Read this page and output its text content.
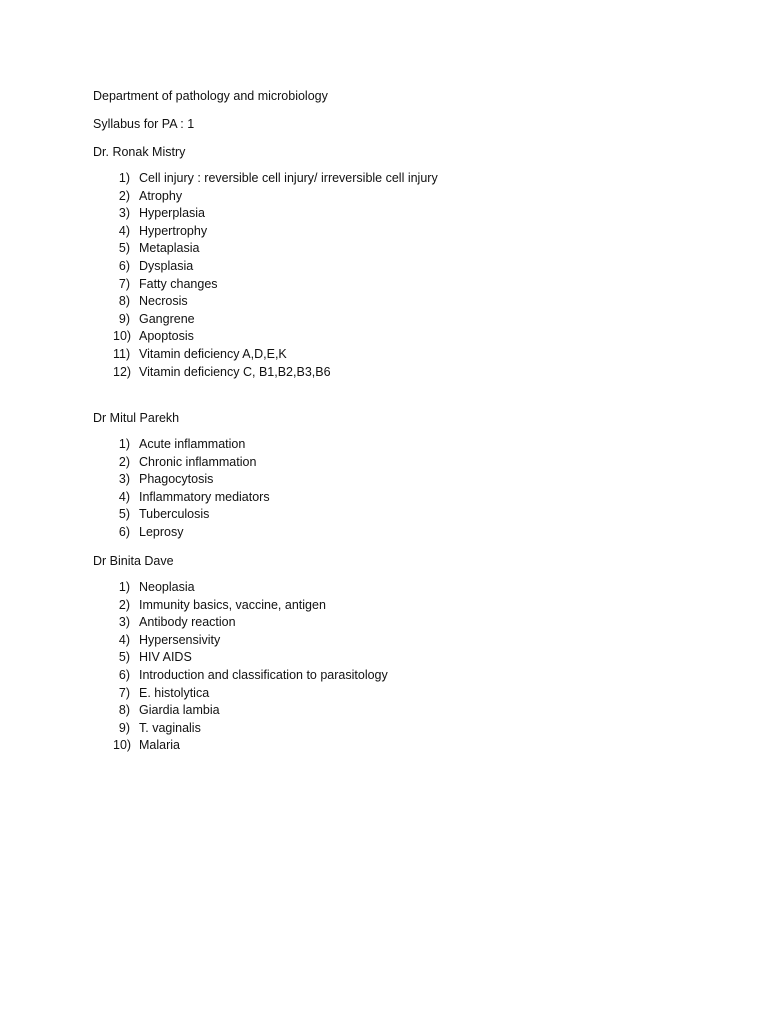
Department of pathology and microbiology
Syllabus for PA : 1
Dr. Ronak Mistry
1) Cell injury : reversible cell injury/ irreversible cell injury
2) Atrophy
3) Hyperplasia
4) Hypertrophy
5) Metaplasia
6) Dysplasia
7) Fatty changes
8) Necrosis
9) Gangrene
10) Apoptosis
11) Vitamin deficiency A,D,E,K
12) Vitamin deficiency C, B1,B2,B3,B6
Dr Mitul Parekh
1) Acute inflammation
2) Chronic inflammation
3) Phagocytosis
4) Inflammatory mediators
5) Tuberculosis
6) Leprosy
Dr Binita Dave
1) Neoplasia
2) Immunity basics, vaccine, antigen
3) Antibody reaction
4) Hypersensivity
5) HIV AIDS
6) Introduction and classification to parasitology
7) E. histolytica
8) Giardia lambia
9) T. vaginalis
10) Malaria
